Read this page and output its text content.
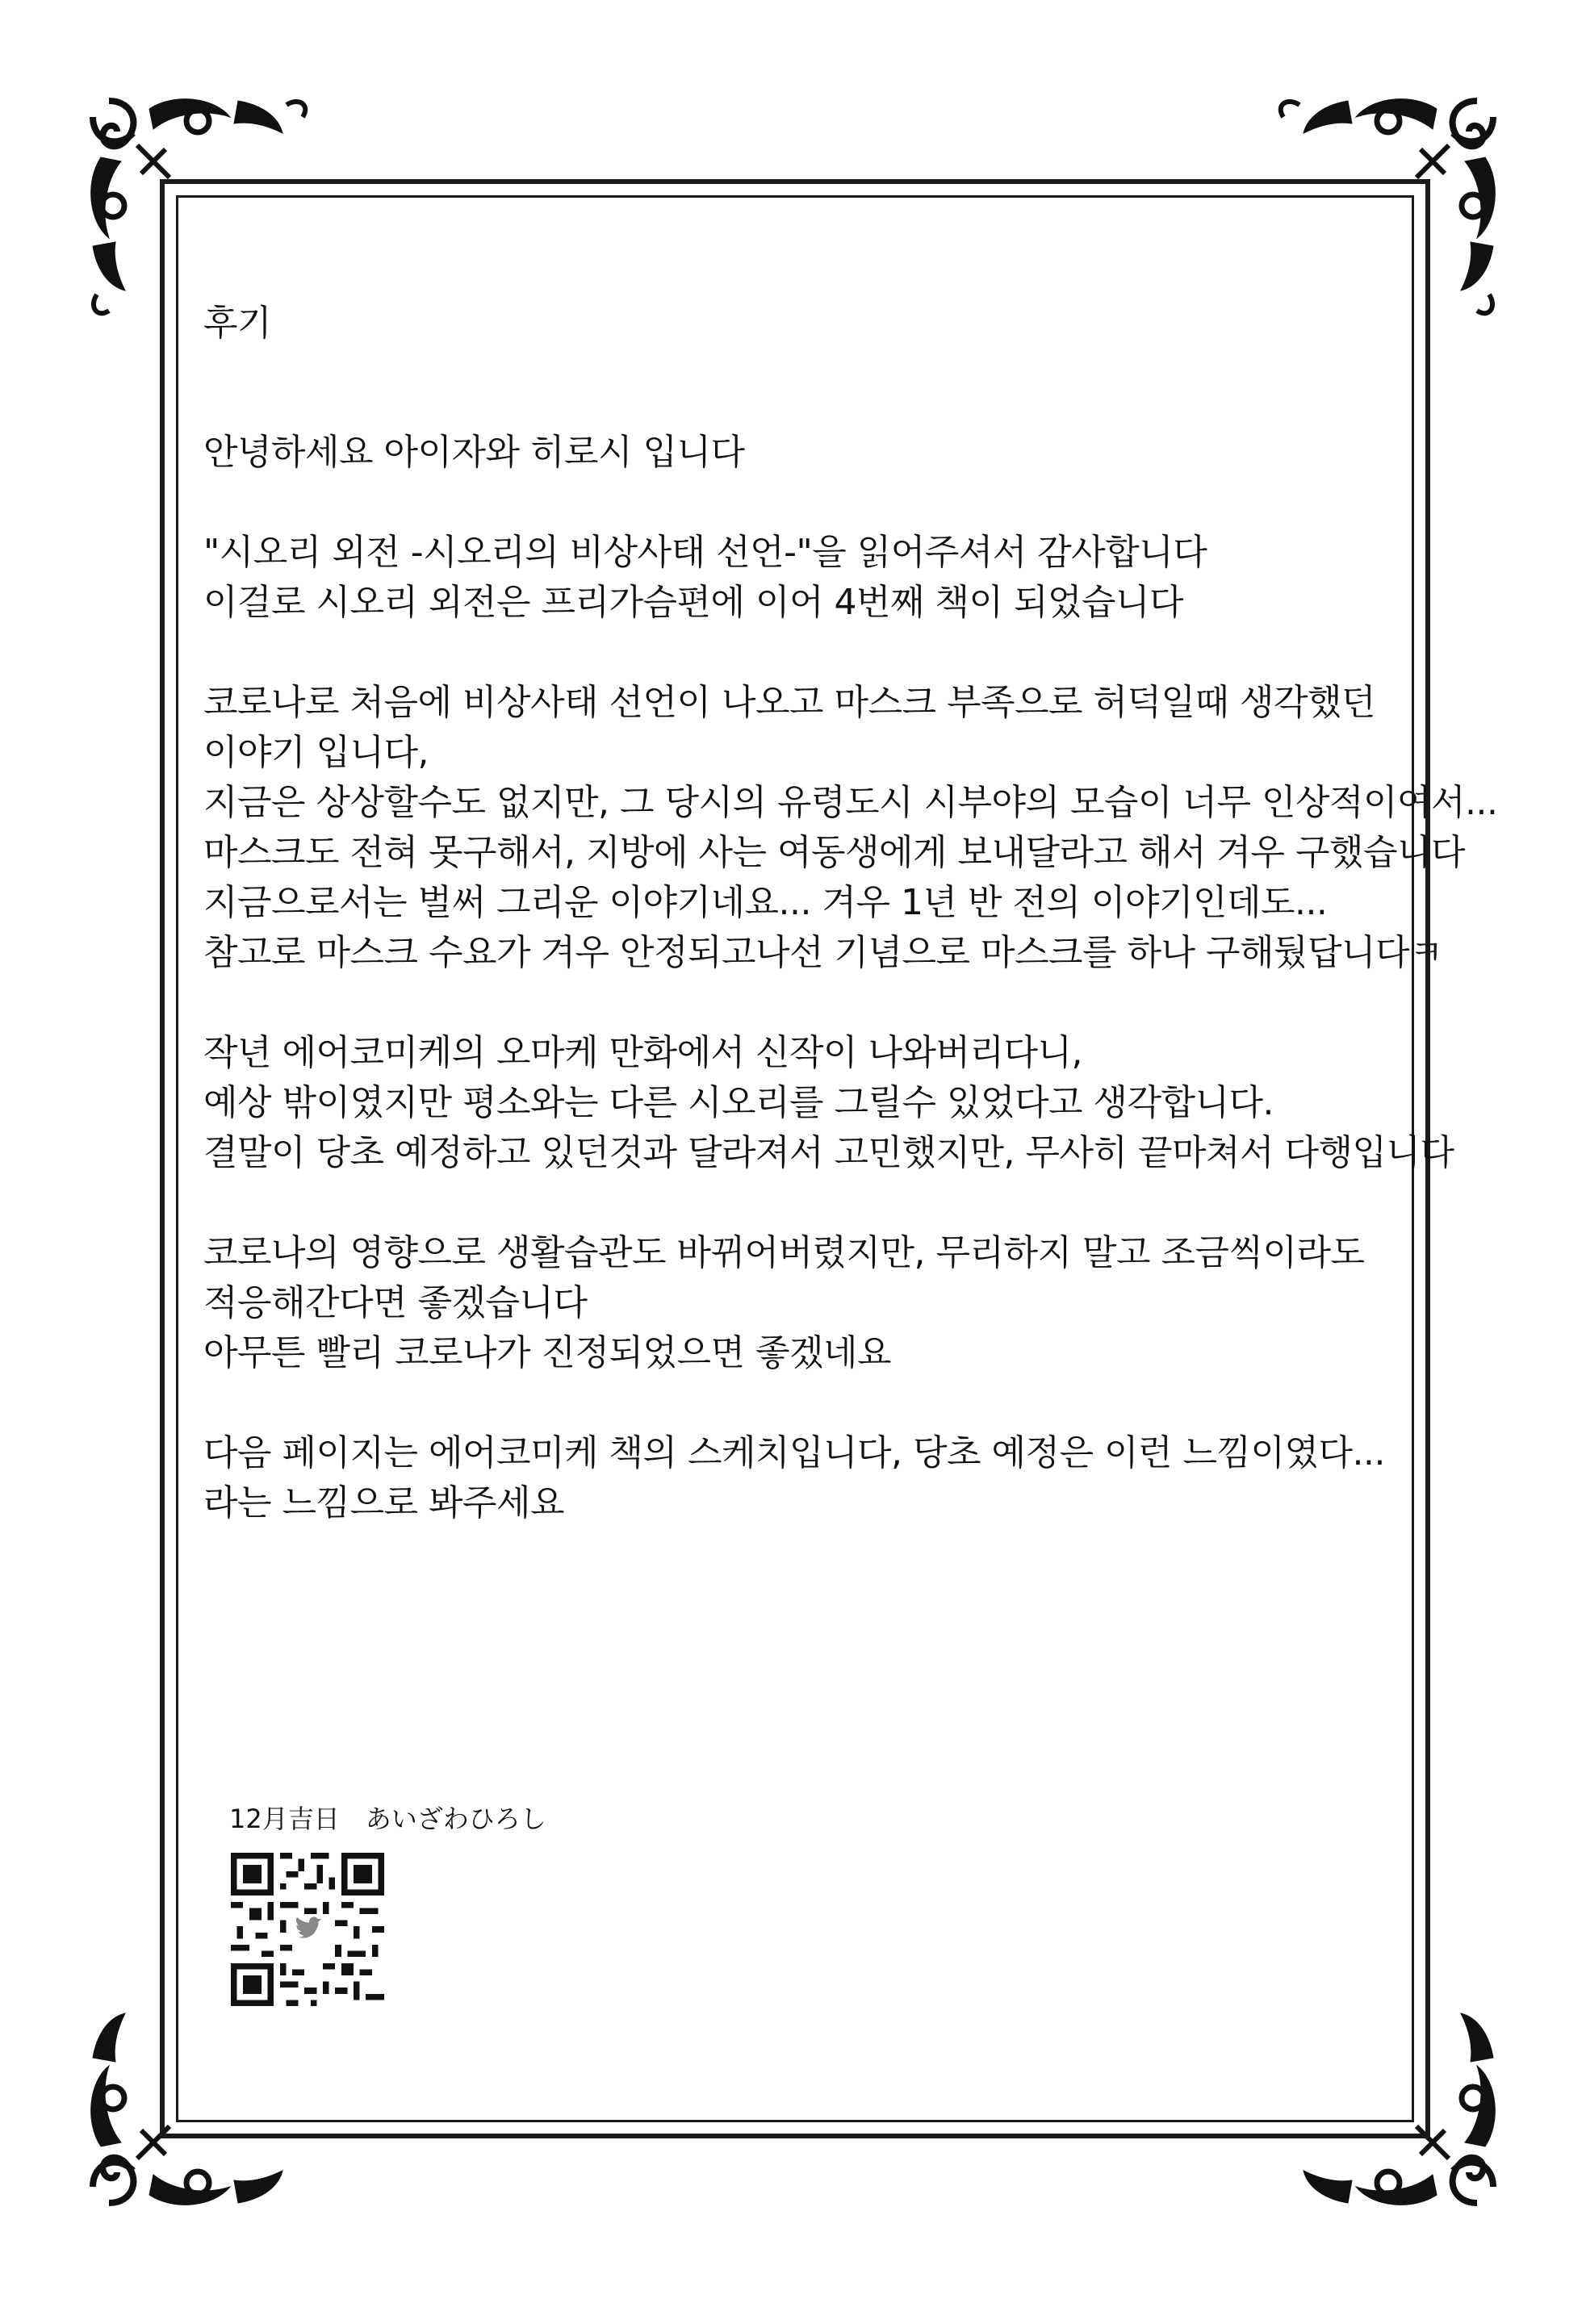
후기
안녕하세요 아이자와 히로시 입니다
"시오리 외전 -시오리의 비상사태 선언-"을 읽어주셔서 감사합니다
이걸로 시오리 외전은 프리가슴편에 이어 4번째 책이 되었습니다
코로나로 처음에 비상사태 선언이 나오고 마스크 부족으로 허덕일때 생각했던
이야기 입니다,
지금은 상상할수도 없지만, 그 당시의 유령도시 시부야의 모습이 너무 인상적이여서...
마스크도 전혀 못구해서, 지방에 사는 여동생에게 보내달라고 해서 겨우 구했습니다
지금으로서는 벌써 그리운 이야기네요... 겨우 1년 반 전의 이야기인데도...
참고로 마스크 수요가 겨우 안정되고나선 기념으로 마스크를 하나 구해뒀답니다ㅋ
작년 에어코미케의 오마케 만화에서 신작이 나와버리다니,
예상 밖이였지만 평소와는 다른 시오리를 그릴수 있었다고 생각합니다.
결말이 당초 예정하고 있던것과 달라져서 고민했지만, 무사히 끝마쳐서 다행입니다
코로나의 영향으로 생활습관도 바뀌어버렸지만, 무리하지 말고 조금씩이라도
적응해간다면 좋겠습니다
아무튼 빨리 코로나가 진정되었으면 좋겠네요
다음 페이지는 에어코미케 책의 스케치입니다, 당초 예정은 이런 느낌이였다...
라는 느낌으로 봐주세요
12月吉日　あいざわひろし
